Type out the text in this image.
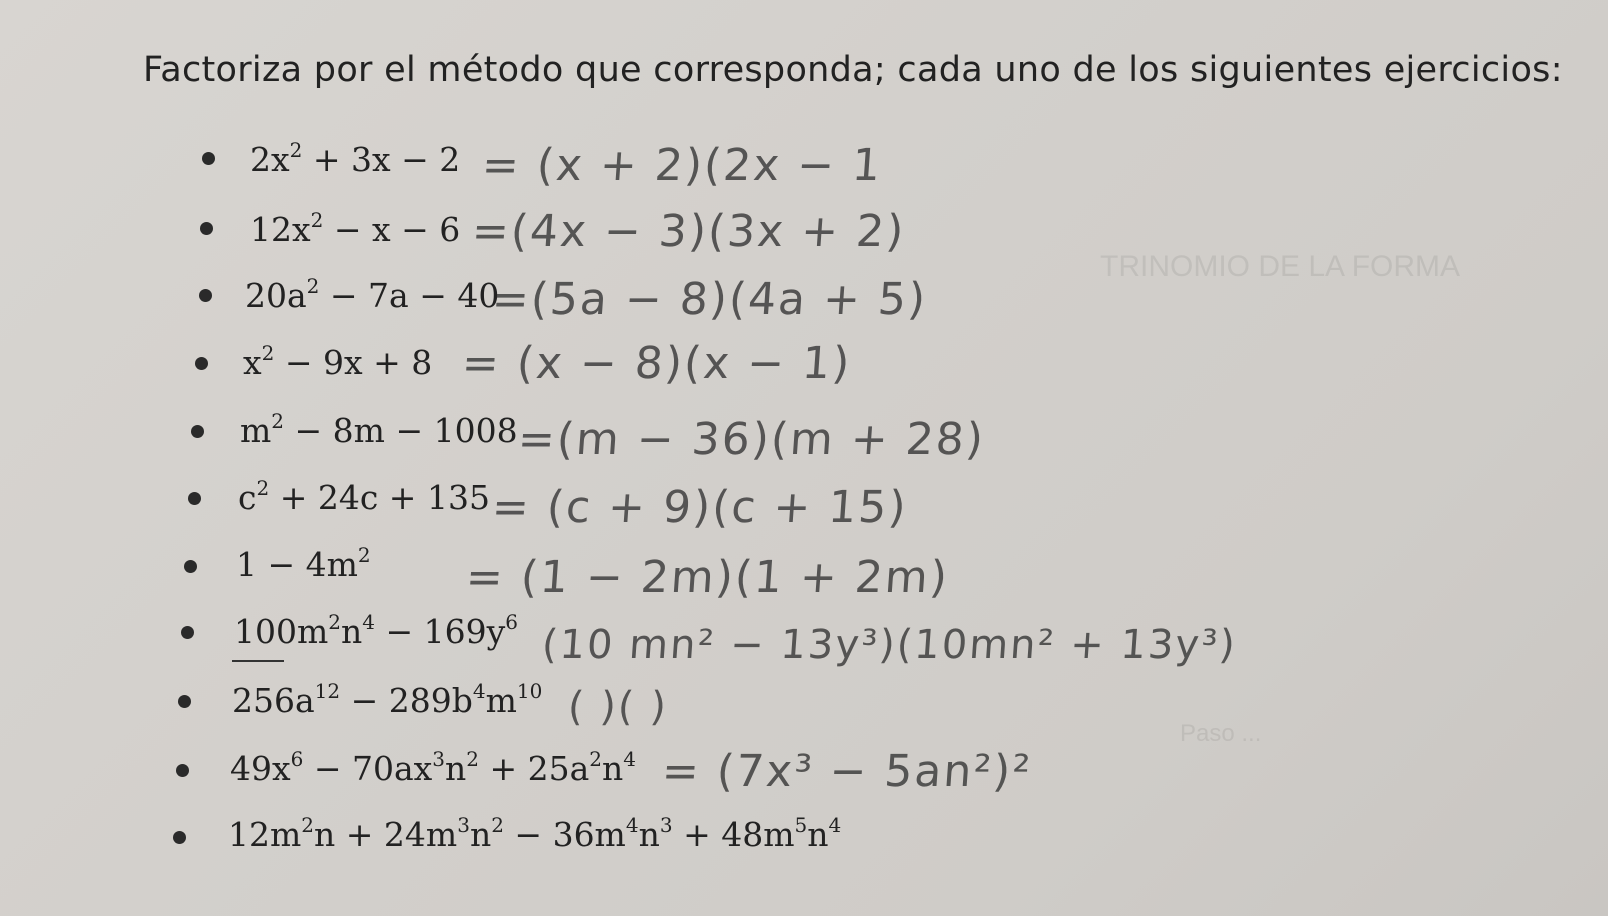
TRINOMIO DE LA FORMA
Paso ...
Factoriza por el método que corresponda; cada uno de los siguientes ejercicios:
$2x^2 + 3x - 2 = (x + 2)(2x - 1$
$12x^2 - x - 6 =(4x - 3)(3x + 2)$
$20a^2 - 7a - 40$
=(5a − 8)(4a + 5)
$x^2 - 9x + 8 = (x - 8)(x - 1)$
$m^2 - 8m - 1008$
=(m − 36)(m + 28)
$c^2 + 24c + 135 = (c + 9)(c + 15)$
$1 - 4m^2 = (1 - 2m)(1 + 2m)$
$100m^2n^4 - 169y^6$ (10 mn² − 13y³)(10mn² + 13y³)
$256a^{12} - 289b^4m^{10}$ ( )( )
$49x^6 - 70ax^3n^2 + 25a^2n^4 = (7x^3 - 5an^2)^2$
$12m^2n + 24m^3n^2 - 36m^4n^3 + 48m^5n^4$
